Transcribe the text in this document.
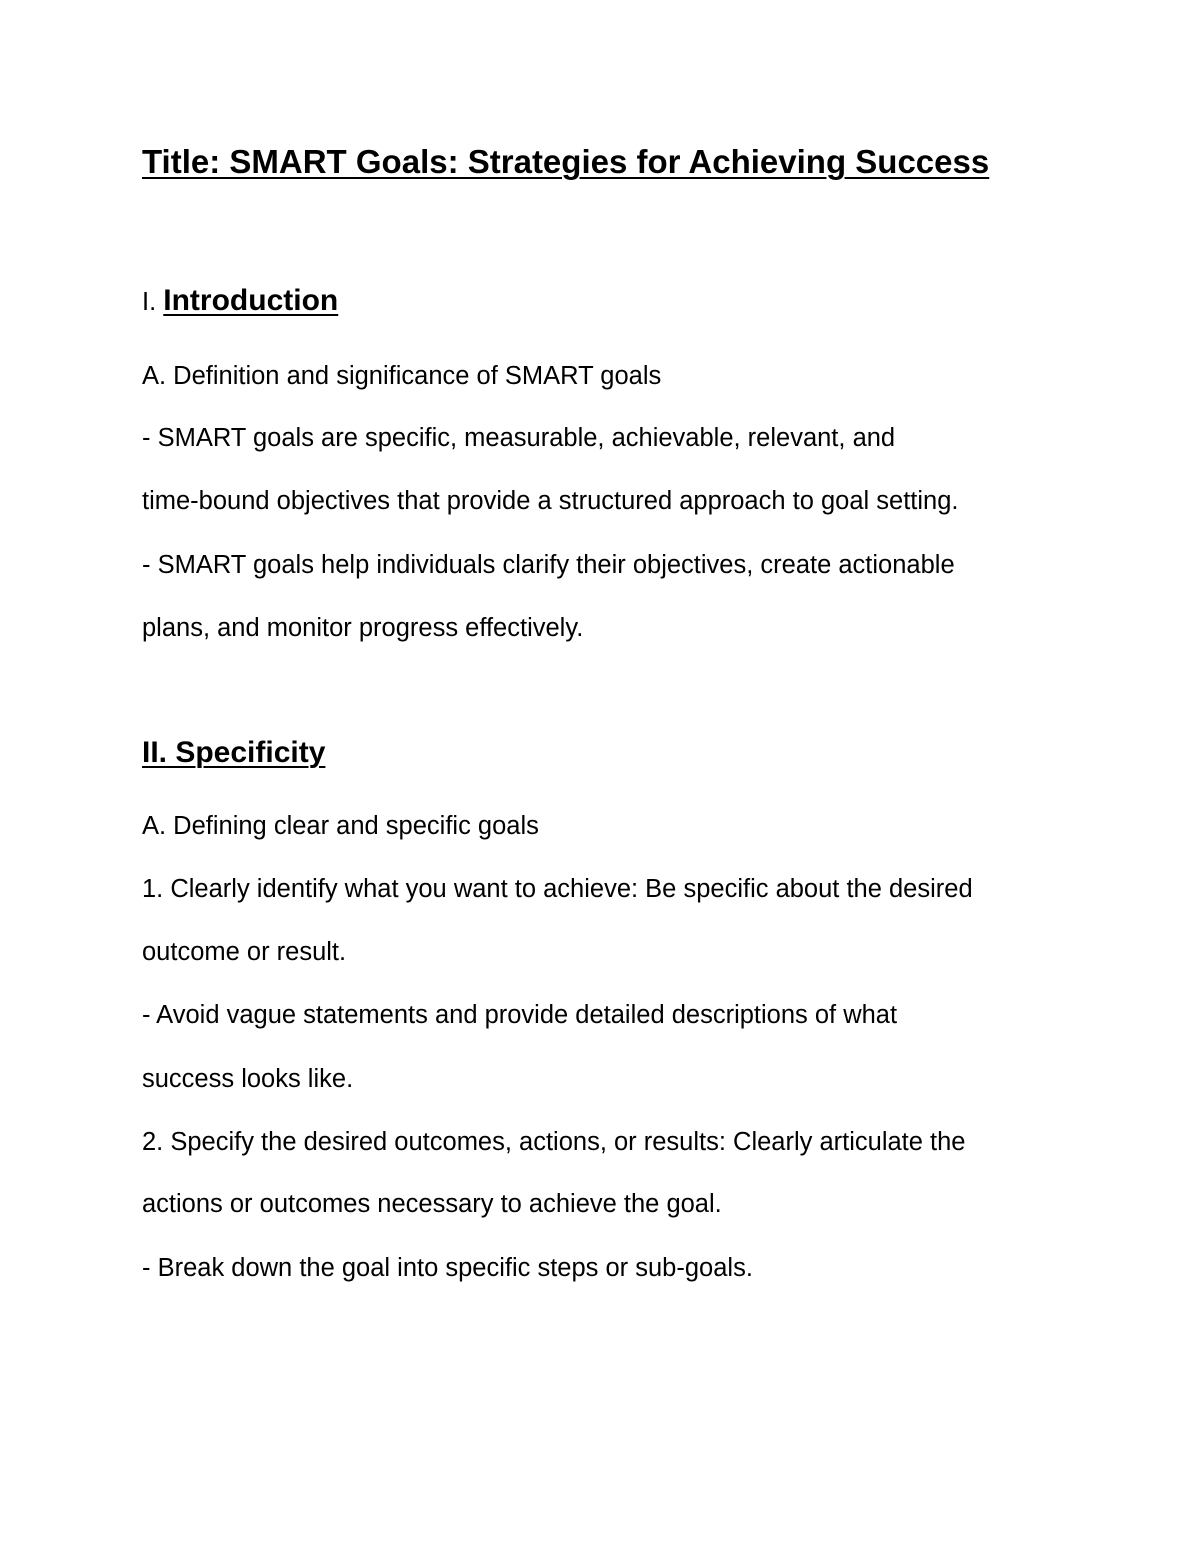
Title: SMART Goals: Strategies for Achieving Success
I. Introduction
A. Definition and significance of SMART goals
- SMART goals are specific, measurable, achievable, relevant, and
time-bound objectives that provide a structured approach to goal setting.
- SMART goals help individuals clarify their objectives, create actionable
plans, and monitor progress effectively.
II. Specificity
A. Defining clear and specific goals
1. Clearly identify what you want to achieve: Be specific about the desired
outcome or result.
- Avoid vague statements and provide detailed descriptions of what
success looks like.
2. Specify the desired outcomes, actions, or results: Clearly articulate the
actions or outcomes necessary to achieve the goal.
- Break down the goal into specific steps or sub-goals.
